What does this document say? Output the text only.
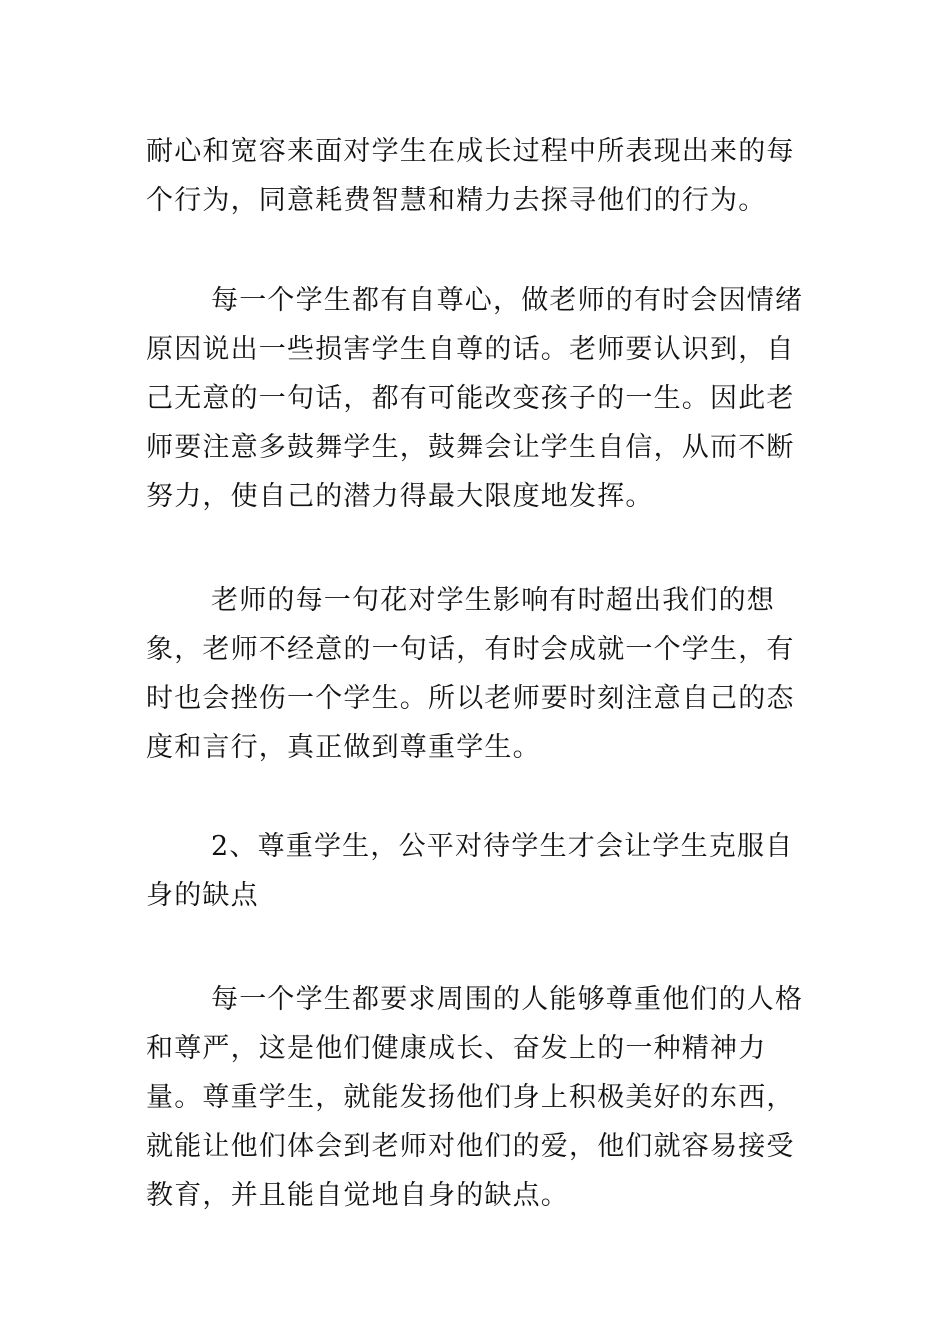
耐心和宽容来面对学生在成长过程中所表现出来的每个行为，同意耗费智慧和精力去探寻他们的行为。

每一个学生都有自尊心，做老师的有时会因情绪原因说出一些损害学生自尊的话。老师要认识到，自己无意的一句话，都有可能改变孩子的一生。因此老师要注意多鼓舞学生，鼓舞会让学生自信，从而不断努力，使自己的潜力得最大限度地发挥。

老师的每一句花对学生影响有时超出我们的想象，老师不经意的一句话，有时会成就一个学生，有时也会挫伤一个学生。所以老师要时刻注意自己的态度和言行，真正做到尊重学生。

2、尊重学生，公平对待学生才会让学生克服自身的缺点

每一个学生都要求周围的人能够尊重他们的人格和尊严，这是他们健康成长、奋发上的一种精神力量。尊重学生，就能发扬他们身上积极美好的东西，就能让他们体会到老师对他们的爱，他们就容易接受教育，并且能自觉地自身的缺点。
